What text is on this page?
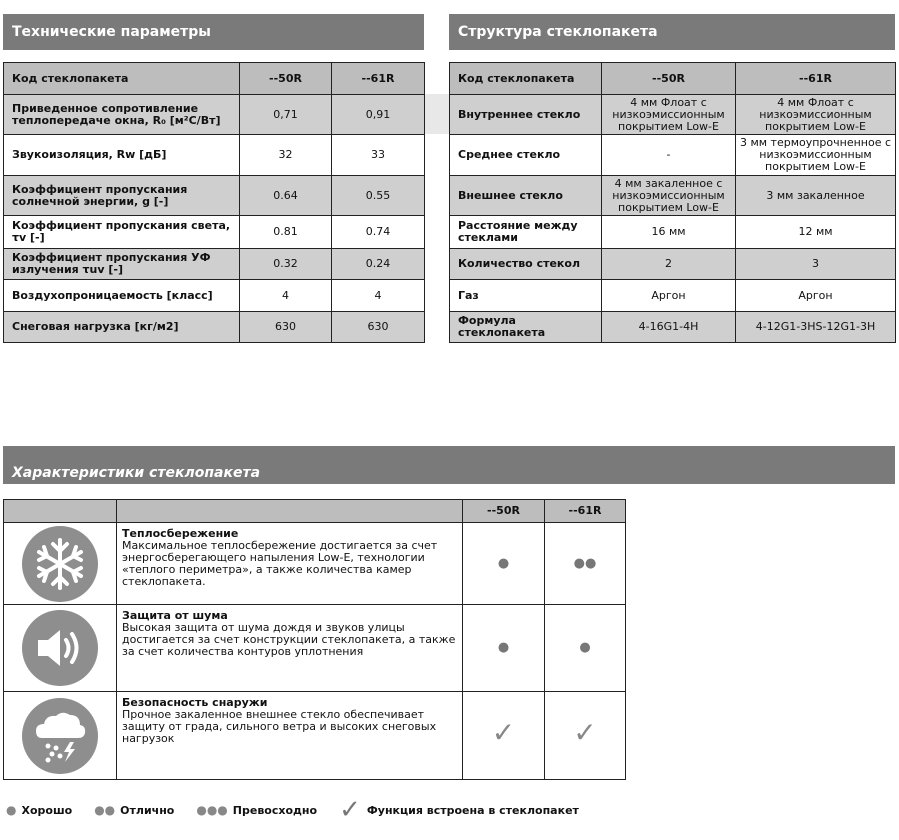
Технические параметры	Структура стеклопакета
Код стеклопакета	--50R	--61R
Приведенное сопротивление теплопередаче окна, R₀ [м²С/Вт]	0,71	0,91
Звукоизоляция, Rw [дБ]	32	33
Коэффициент пропускания солнечной энергии, g [-]	0.64	0.55
Коэффициент пропускания света, τv [-]	0.81	0.74
Коэффициент пропускания УФ излучения τuv [-]	0.32	0.24
Воздухопроницаемость [класс]	4	4
Снеговая нагрузка [кг/м2]	630	630
Код стеклопакета	--50R	--61R
Внутреннее стекло	4 мм Флоат с низкоэмиссионным покрытием Low-E	4 мм Флоат с низкоэмиссионным покрытием Low-E
Среднее стекло	-	3 мм термоупрочненное с низкоэмиссионным покрытием Low-E
Внешнее стекло	4 мм закаленное с низкоэмиссионным покрытием Low-E	3 мм закаленное
Расстояние между стеклами	16 мм	12 мм
Количество стекол	2	3
Газ	Аргон	Аргон
Формула стеклопакета	4-16G1-4H	4-12G1-3HS-12G1-3H
Характеристики стеклопакета
		--50R	--61R

Теплосбережение
Максимальное теплосбережение достигается за счет энергосберегающего напыления Low-E, технологии «теплого периметра», а также количества камер стеклопакета.	●	●●

Защита от шума
Высокая защита от шума дождя и звуков улицы достигается за счет конструкции стеклопакета, а также за счет количества контуров уплотнения	●	●

Безопасность снаружи
Прочное закаленное внешнее стекло обеспечивает защиту от града, сильного ветра и высоких снеговых нагрузок	✓	✓
● Хорошо ●● Отлично ●●● Превосходно ✓ Функция встроена в стеклопакет
